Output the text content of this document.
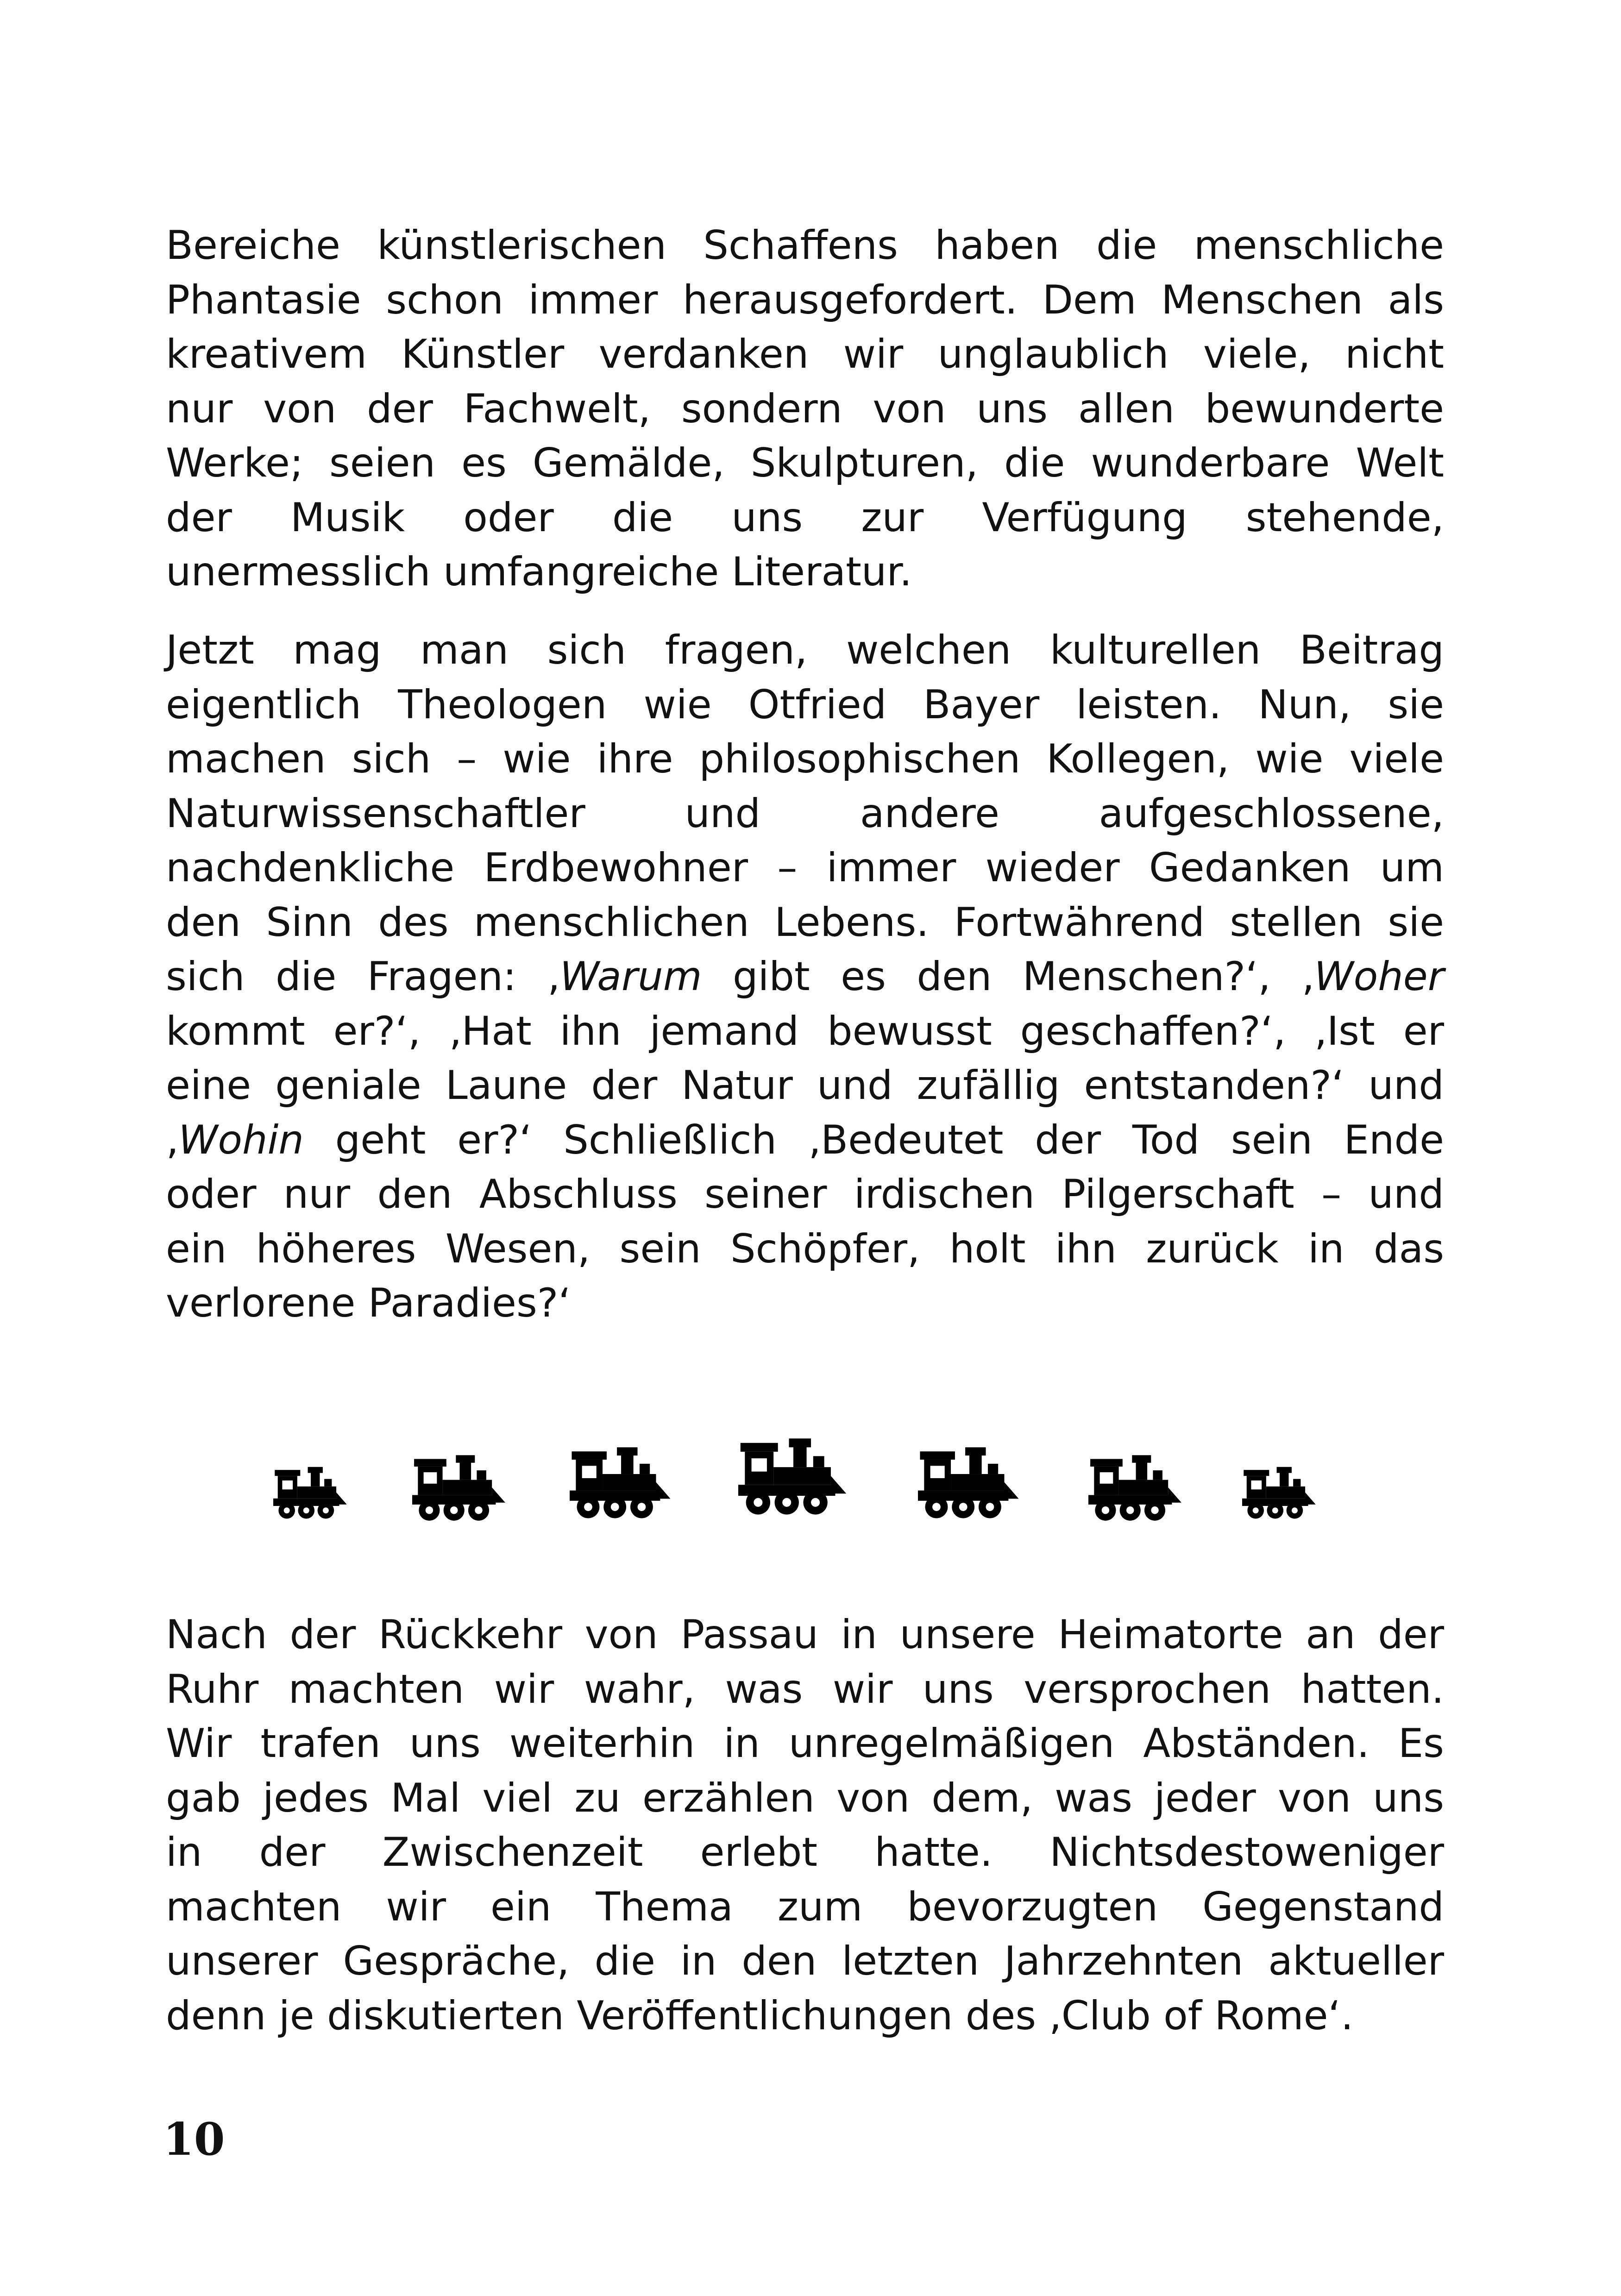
Bereiche künstlerischen Schaffens haben die menschliche
Phantasie schon immer herausgefordert. Dem Menschen als
kreativem Künstler verdanken wir unglaublich viele, nicht
nur von der Fachwelt, sondern von uns allen bewunderte
Werke; seien es Gemälde, Skulpturen, die wunderbare Welt
der Musik oder die uns zur Verfügung stehende,
unermesslich umfangreiche Literatur.
Jetzt mag man sich fragen, welchen kulturellen Beitrag
eigentlich Theologen wie Otfried Bayer leisten. Nun, sie
machen sich – wie ihre philosophischen Kollegen, wie viele
Naturwissenschaftler und andere aufgeschlossene,
nachdenkliche Erdbewohner – immer wieder Gedanken um
den Sinn des menschlichen Lebens. Fortwährend stellen sie
sich die Fragen: ‚Warum gibt es den Menschen?‘, ‚Woher
kommt er?‘, ‚Hat ihn jemand bewusst geschaffen?‘, ‚Ist er
eine geniale Laune der Natur und zufällig entstanden?‘ und
‚Wohin geht er?‘ Schließlich ‚Bedeutet der Tod sein Ende
oder nur den Abschluss seiner irdischen Pilgerschaft – und
ein höheres Wesen, sein Schöpfer, holt ihn zurück in das
verlorene Paradies?‘
Nach der Rückkehr von Passau in unsere Heimatorte an der
Ruhr machten wir wahr, was wir uns versprochen hatten.
Wir trafen uns weiterhin in unregelmäßigen Abständen. Es
gab jedes Mal viel zu erzählen von dem, was jeder von uns
in der Zwischenzeit erlebt hatte. Nichtsdestoweniger
machten wir ein Thema zum bevorzugten Gegenstand
unserer Gespräche, die in den letzten Jahrzehnten aktueller
denn je diskutierten Veröffentlichungen des ‚Club of Rome‘.
10
